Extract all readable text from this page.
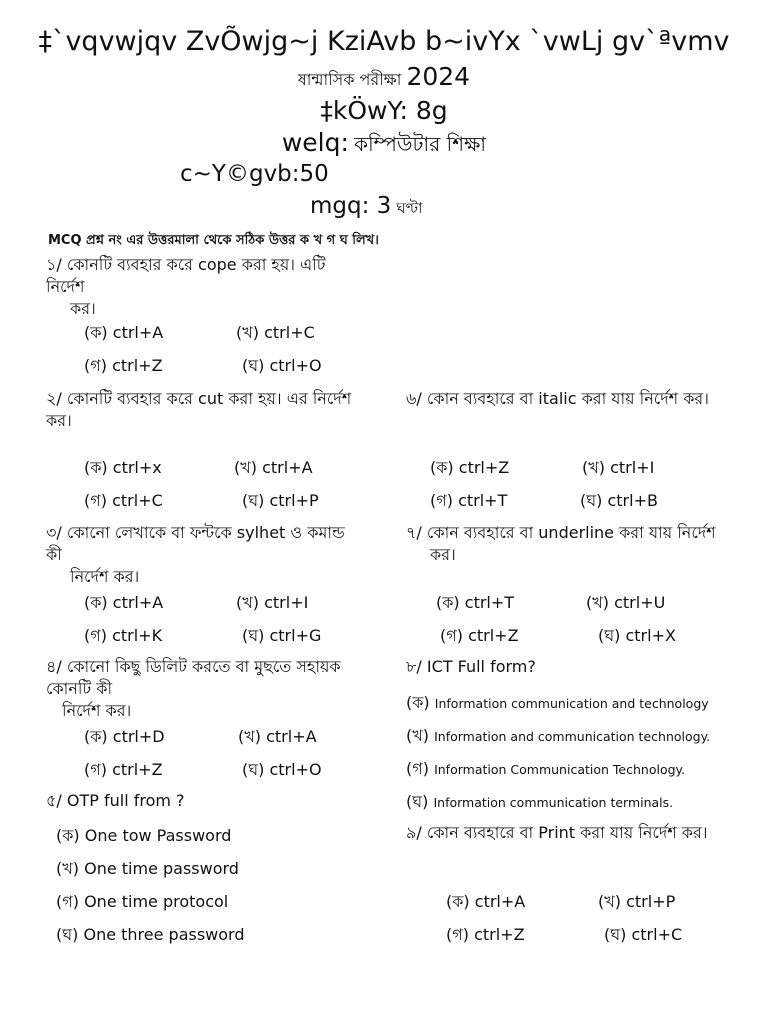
‡`vqvwjqv ZvÕwjg~j KziAvb b~ivYx `vwLj gv`ªvmv
ষান্মাসিক পরীক্ষা 2024
‡kÖwY: 8g
welq: কম্পিউটার শিক্ষা
c~Y©gvb:50
mgq: 3 ঘণ্টা
MCQ প্রশ্ন নং এর উত্তরমালা থেকে সঠিক উত্তর ক খ গ ঘ লিখ।

১/ কোনটি ব্যবহার করে cope করা হয়। এটি নির্দেশ

কর।

(ক) ctrl+A	(খ) ctrl+C
(গ) ctrl+Z	(ঘ) ctrl+O

২/ কোনটি ব্যবহার করে cut করা হয়। এর নির্দেশ কর।

(ক) ctrl+x	(খ) ctrl+A
(গ) ctrl+C	(ঘ) ctrl+P

৩/ কোনো লেখাকে বা ফন্টকে sylhet ও কমান্ড কী

নির্দেশ কর।

(ক) ctrl+A	(খ) ctrl+I
(গ) ctrl+K	(ঘ) ctrl+G

৪/ কোনো কিছু ডিলিট করতে বা মুছতে সহায়ক কোনটি কী

নির্দেশ কর।

(ক) ctrl+D	(খ) ctrl+A
(গ) ctrl+Z	(ঘ) ctrl+O

৫/ OTP full from ?

(ক) One tow Password
(খ) One time password
(গ) One time protocol
(ঘ) One three password

৬/ কোন ব্যবহারে বা italic করা যায় নির্দেশ কর।

(ক) ctrl+Z	(খ) ctrl+I
(গ) ctrl+T	(ঘ) ctrl+B

৭/ কোন ব্যবহারে বা underline করা যায় নির্দেশ

কর।

(ক) ctrl+T	(খ) ctrl+U
(গ) ctrl+Z	(ঘ) ctrl+X

৮/ ICT Full form?

(ক) Information communication and technology
(খ) Information and communication technology.
(গ) Information Communication Technology.
(ঘ) Information communication terminals.

৯/ কোন ব্যবহারে বা Print করা যায় নির্দেশ কর।

(ক) ctrl+A	(খ) ctrl+P
(গ) ctrl+Z	(ঘ) ctrl+C
